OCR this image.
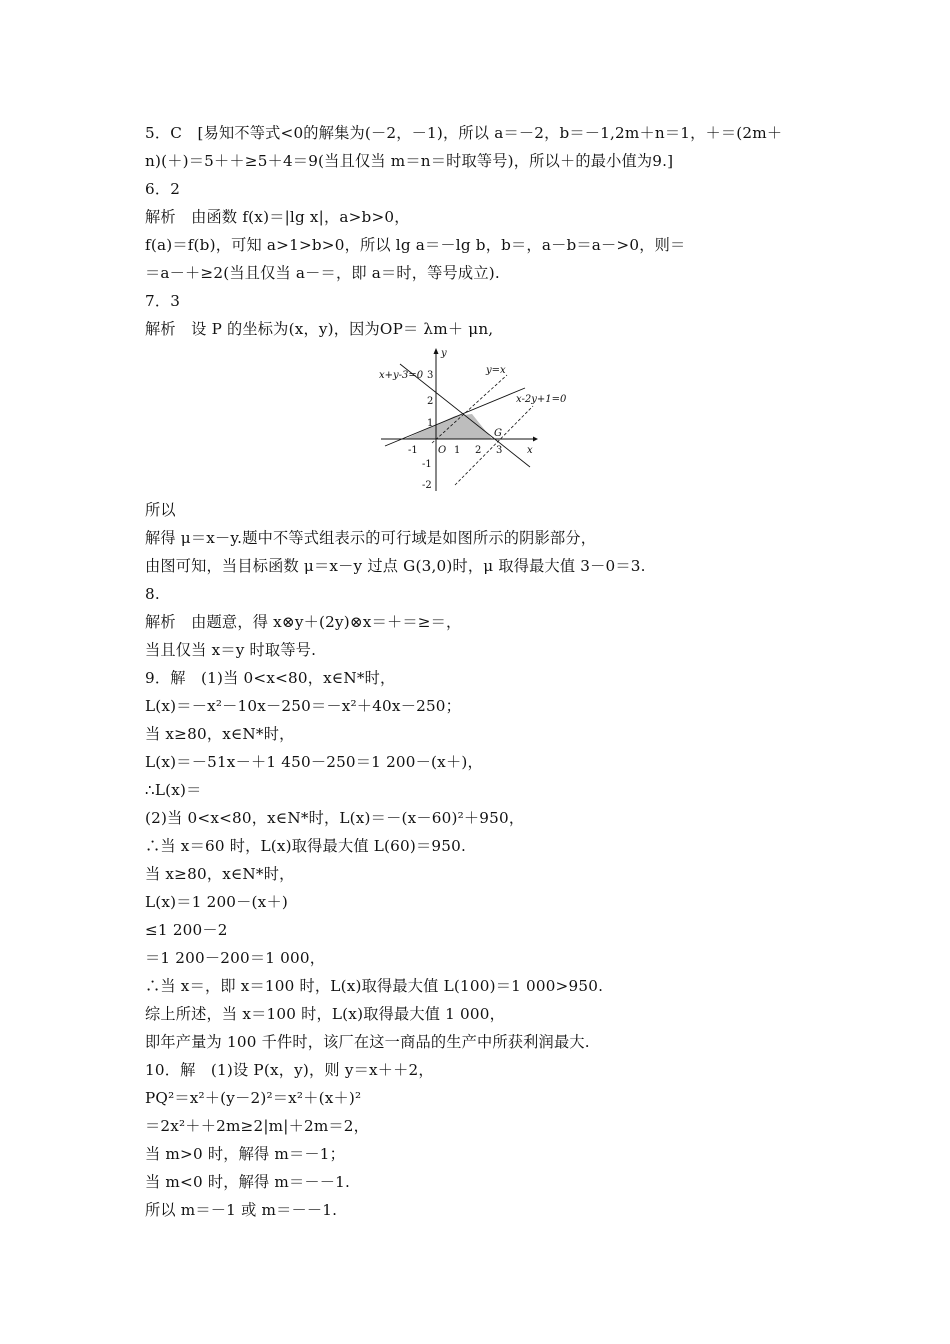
5．C　[易知不等式<0的解集为(－2，－1)，所以 a＝－2，b＝－1,2m＋n＝1，＋＝(2m＋
n)(＋)＝5＋＋≥5＋4＝9(当且仅当 m＝n＝时取等号)，所以＋的最小值为9.]
6．2
解析　由函数 f(x)＝|lg x|，a>b>0，
f(a)＝f(b)，可知 a>1>b>0，所以 lg a＝－lg b，b＝，a－b＝a－>0，则＝
＝a－＋≥2(当且仅当 a－＝，即 a＝时，等号成立).
7．3
解析　设 P 的坐标为(x，y)，因为OP＝ λm＋ μn,
y
x
O
G
x+y-3=0	y=x
x-2y+1=0
-1	1 2 3
3
2
1
-1
-2
所以
解得 μ＝x－y.题中不等式组表示的可行域是如图所示的阴影部分，
由图可知，当目标函数 μ＝x－y 过点 G(3,0)时，μ 取得最大值 3－0＝3.
8.
解析　由题意，得 x⊗y＋(2y)⊗x＝＋＝≥＝，
当且仅当 x＝y 时取等号.
9．解　(1)当 0<x<80，x∈N*时，
L(x)＝－x²－10x－250＝－x²＋40x－250；
当 x≥80，x∈N*时，
L(x)＝－51x－＋1 450－250＝1 200－(x＋)，
∴L(x)＝
(2)当 0<x<80，x∈N*时，L(x)＝－(x－60)²＋950，
∴当 x＝60 时，L(x)取得最大值 L(60)＝950.
当 x≥80，x∈N*时，
L(x)＝1 200－(x＋)
≤1 200－2
＝1 200－200＝1 000，
∴当 x＝，即 x＝100 时，L(x)取得最大值 L(100)＝1 000>950.
综上所述，当 x＝100 时，L(x)取得最大值 1 000，
即年产量为 100 千件时，该厂在这一商品的生产中所获利润最大.
10．解　(1)设 P(x，y)，则 y＝x＋＋2，
PQ²＝x²＋(y－2)²＝x²＋(x＋)²
＝2x²＋＋2m≥2|m|＋2m＝2，
当 m>0 时，解得 m＝－1；
当 m<0 时，解得 m＝－－1.
所以 m＝－1 或 m＝－－1.
